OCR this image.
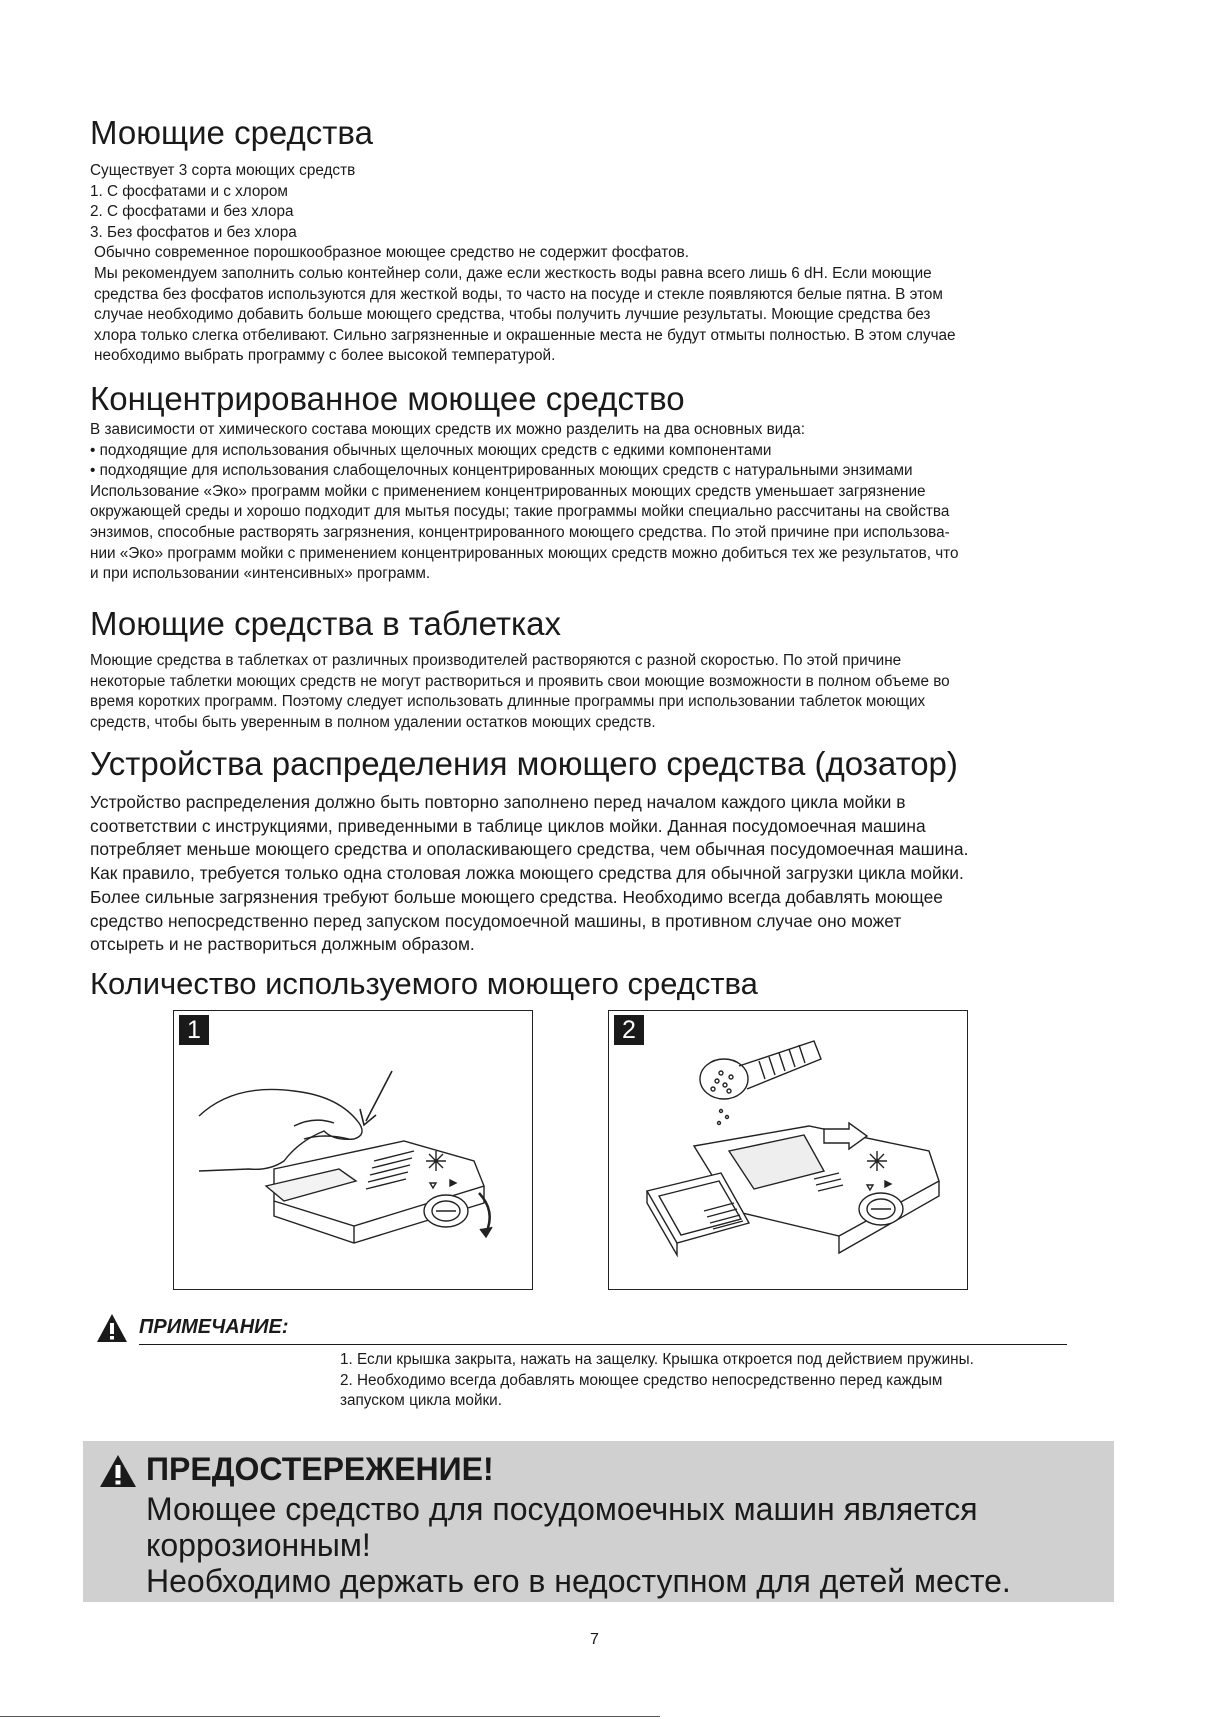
Моющие средства
Существует 3 сорта моющих средств
1. С фосфатами и с хлором
2. С фосфатами и без хлора
3. Без фосфатов и без хлора
Обычно современное порошкообразное моющее средство не содержит фосфатов.
Мы рекомендуем заполнить солью контейнер соли, даже если жесткость воды равна всего лишь 6 dH. Если моющие
средства без фосфатов используются для жесткой воды, то часто на посуде и стекле появляются белые пятна. В этом
случае необходимо добавить больше моющего средства, чтобы получить лучшие результаты. Моющие средства без
хлора только слегка отбеливают. Сильно загрязненные и окрашенные места не будут отмыты полностью. В этом случае
необходимо выбрать программу с более высокой температурой.
Концентрированное моющее средство
В зависимости от химического состава моющих средств их можно разделить на два основных вида:
• подходящие для использования обычных щелочных моющих средств с едкими компонентами
• подходящие для использования слабощелочных концентрированных моющих средств с натуральными энзимами
Использование «Эко» программ мойки с применением концентрированных моющих средств уменьшает загрязнение
окружающей среды и хорошо подходит для мытья посуды; такие программы мойки специально рассчитаны на свойства
энзимов, способные растворять загрязнения, концентрированного моющего средства. По этой причине при использова-
нии «Эко» программ мойки с применением концентрированных моющих средств можно добиться тех же результатов, что
и при использовании «интенсивных» программ.
Моющие средства в таблетках
Моющие средства в таблетках от различных производителей растворяются с разной скоростью. По этой причине
некоторые таблетки моющих средств не могут раствориться и проявить свои моющие возможности в полном объеме во
время коротких программ. Поэтому следует использовать длинные программы при использовании таблеток моющих
средств, чтобы быть уверенным в полном удалении остатков моющих средств.
Устройства распределения моющего средства (дозатор)
Устройство распределения должно быть повторно заполнено перед началом каждого цикла мойки в
соответствии с инструкциями, приведенными в таблице циклов мойки. Данная посудомоечная машина
потребляет меньше моющего средства и ополаскивающего средства, чем обычная посудомоечная машина.
Как правило, требуется только одна столовая ложка моющего средства для обычной загрузки цикла мойки.
Более сильные загрязнения требуют больше моющего средства. Необходимо всегда добавлять моющее
средство непосредственно перед запуском посудомоечной машины, в противном случае оно может
отсыреть и не раствориться должным образом.
Количество используемого моющего средства
1	2
ПРИМЕЧАНИЕ:
1. Если крышка закрыта, нажать на защелку. Крышка откроется под действием пружины.
2. Необходимо всегда добавлять моющее средство непосредственно перед каждым
запуском цикла мойки.
ПРЕДОСТЕРЕЖЕНИЕ!
Моющее средство для посудомоечных машин является
коррозионным!
Необходимо держать его в недоступном для детей месте.
7
